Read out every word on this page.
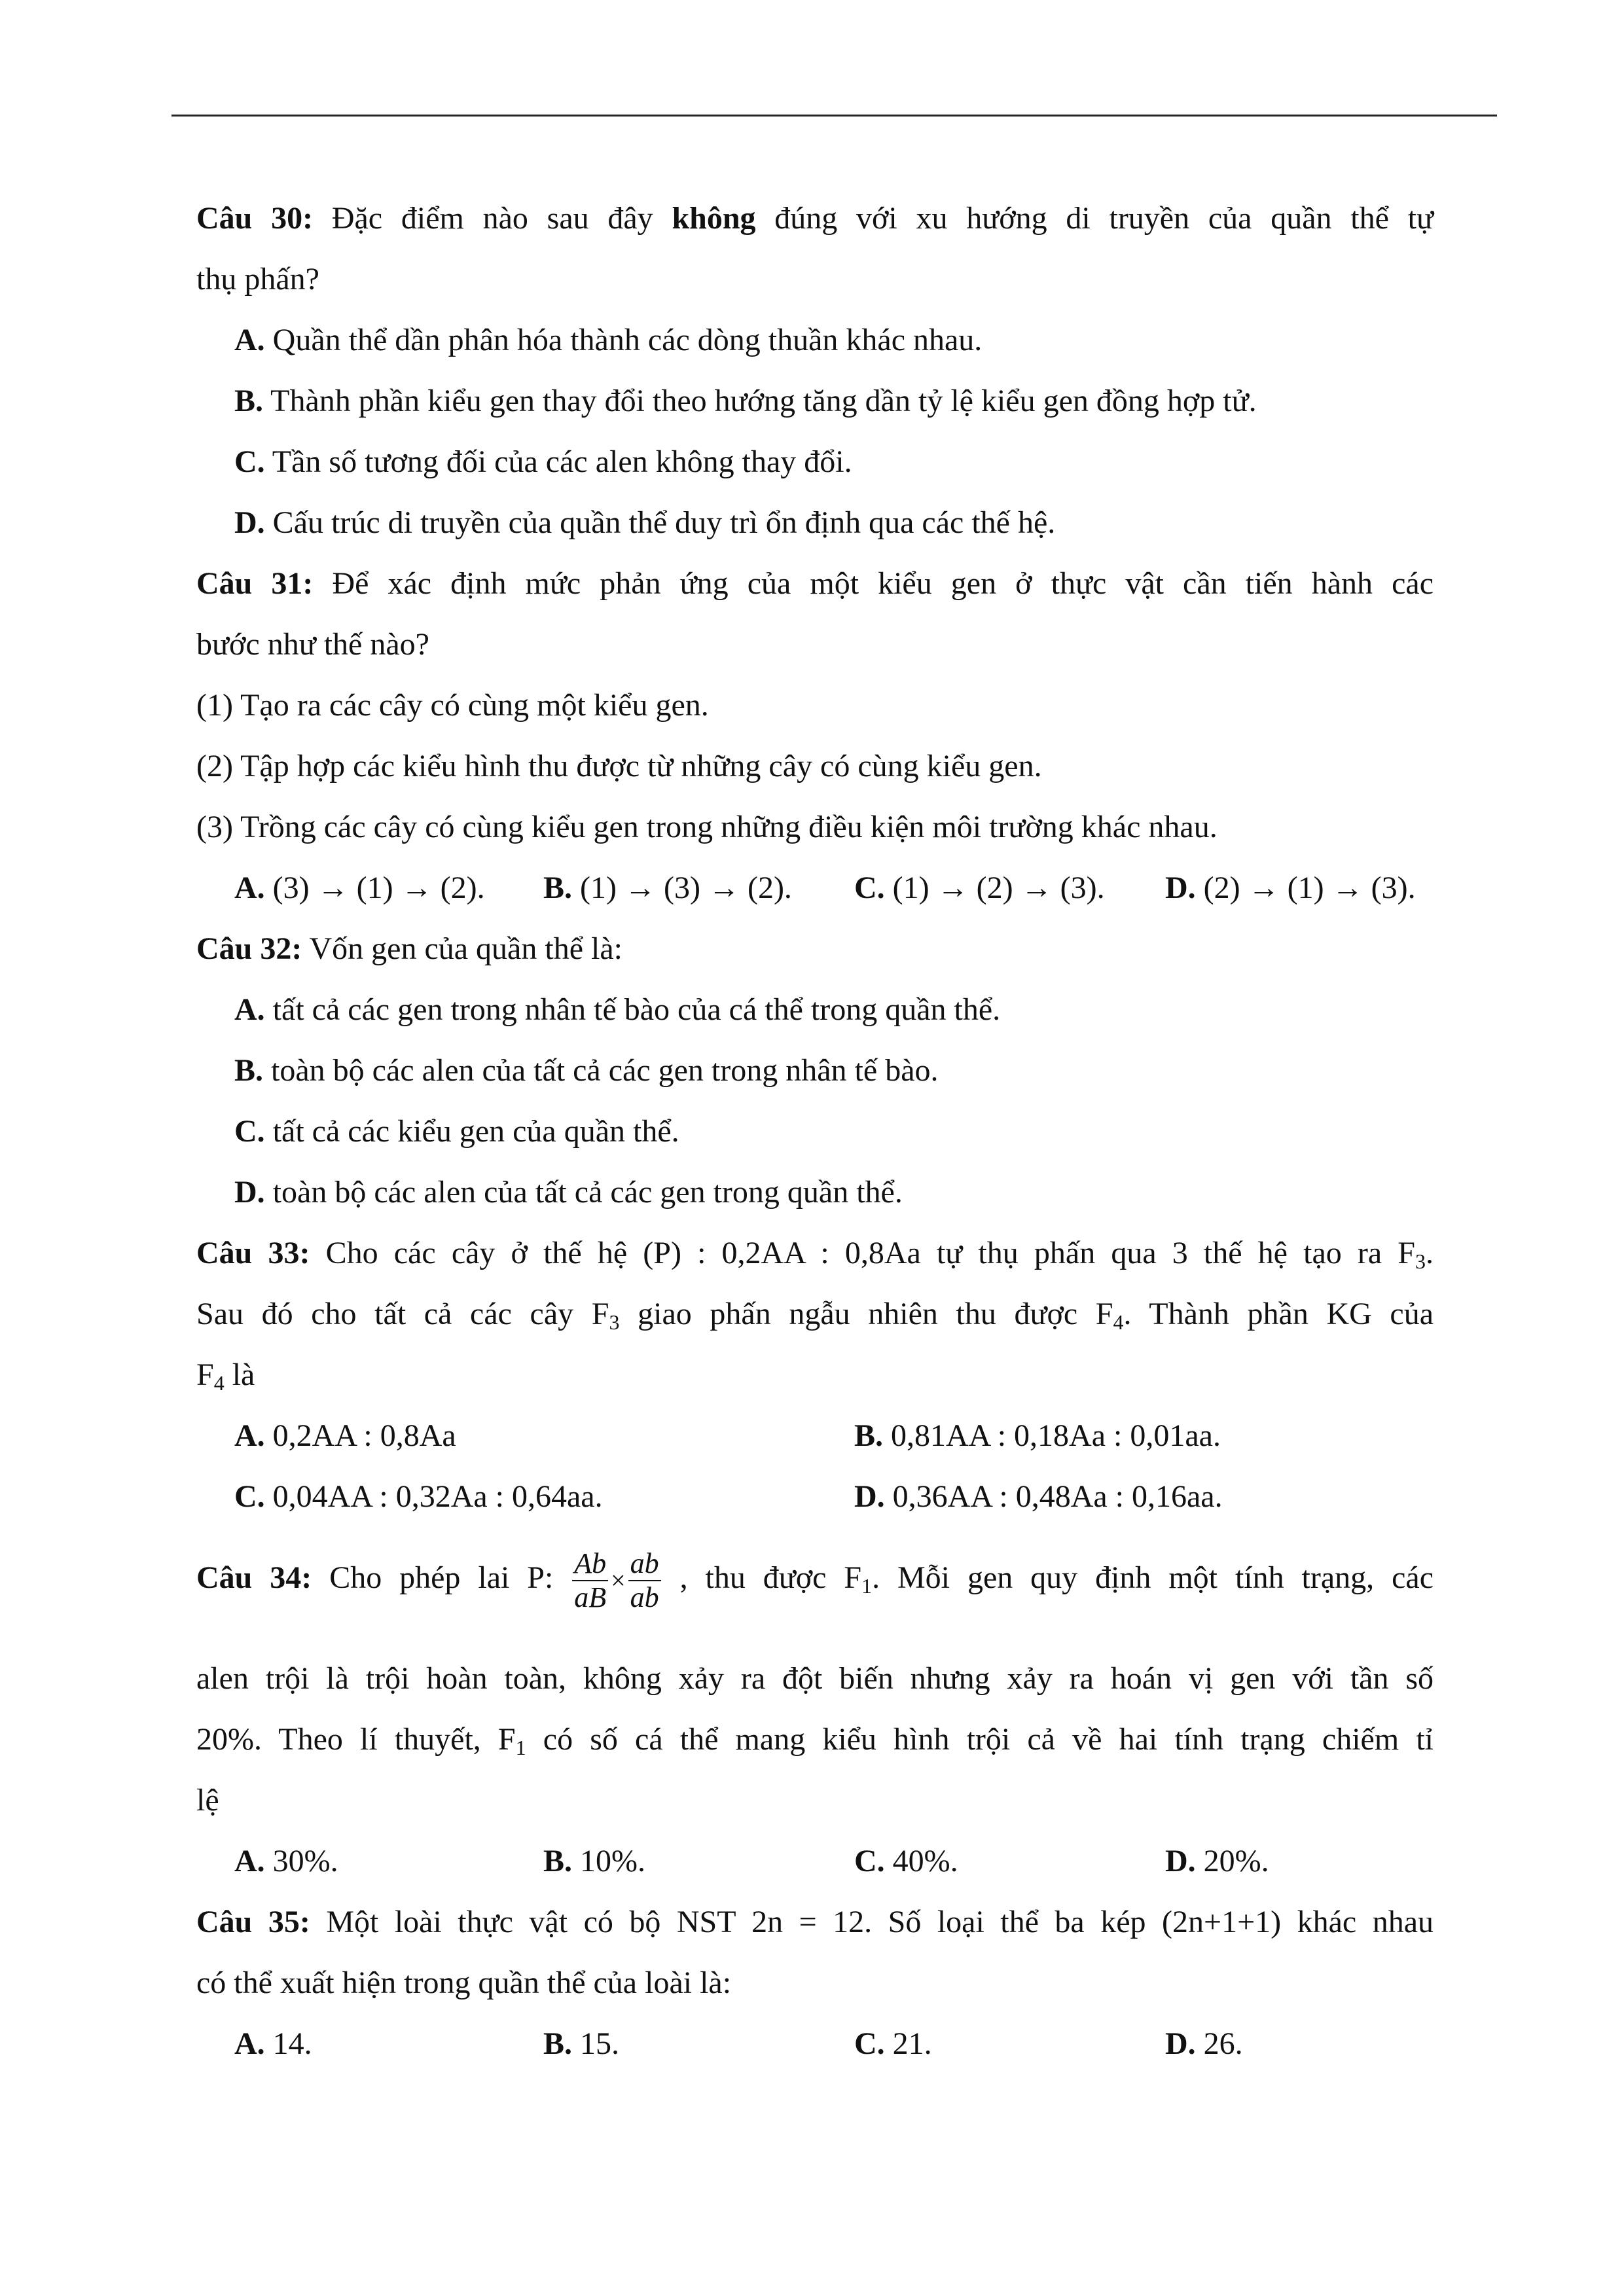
Câu 30: Đặc điểm nào sau đây không đúng với xu hướng di truyền của quần thể tự
thụ phấn?
A. Quần thể dần phân hóa thành các dòng thuần khác nhau.
B. Thành phần kiểu gen thay đổi theo hướng tăng dần tỷ lệ kiểu gen đồng hợp tử.
C. Tần số tương đối của các alen không thay đổi.
D. Cấu trúc di truyền của quần thể duy trì ổn định qua các thế hệ.
Câu 31: Để xác định mức phản ứng của một kiểu gen ở thực vật cần tiến hành các
bước như thế nào?
(1) Tạo ra các cây có cùng một kiểu gen.
(2) Tập hợp các kiểu hình thu được từ những cây có cùng kiểu gen.
(3) Trồng các cây có cùng kiểu gen trong những điều kiện môi trường khác nhau.
A. (3) → (1) → (2). B. (1) → (3) → (2). C. (1) → (2) → (3). D. (2) → (1) → (3).
Câu 32: Vốn gen của quần thể là:
A. tất cả các gen trong nhân tế bào của cá thể trong quần thể.
B. toàn bộ các alen của tất cả các gen trong nhân tế bào.
C. tất cả các kiểu gen của quần thể.
D. toàn bộ các alen của tất cả các gen trong quần thể.
Câu 33: Cho các cây ở thế hệ (P) : 0,2AA : 0,8Aa tự thụ phấn qua 3 thế hệ tạo ra $F_3$.
Sau đó cho tất cả các cây $F_3$ giao phấn ngẫu nhiên thu được $F_4$. Thành phần KG của
$F_4$ là
A. 0,2AA : 0,8Aa	B. 0,81AA : 0,18Aa : 0,01aa.
C. 0,04AA : 0,32Aa : 0,64aa.	D. 0,36AA : 0,48Aa : 0,16aa.
Câu 34: Cho phép lai P: $\frac{Ab}{aB} \times \frac{ab}{ab}$ , thu được $F_1$. Mỗi gen quy định một tính trạng, các
alen trội là trội hoàn toàn, không xảy ra đột biến nhưng xảy ra hoán vị gen với tần số
20%. Theo lí thuyết, $F_1$ có số cá thể mang kiểu hình trội cả về hai tính trạng chiếm tỉ
lệ
A. 30%.	B. 10%.	C. 40%.	D. 20%.
Câu 35: Một loài thực vật có bộ NST 2n = 12. Số loại thể ba kép (2n+1+1) khác nhau
có thể xuất hiện trong quần thể của loài là:
A. 14.	B. 15.	C. 21.	D. 26.
